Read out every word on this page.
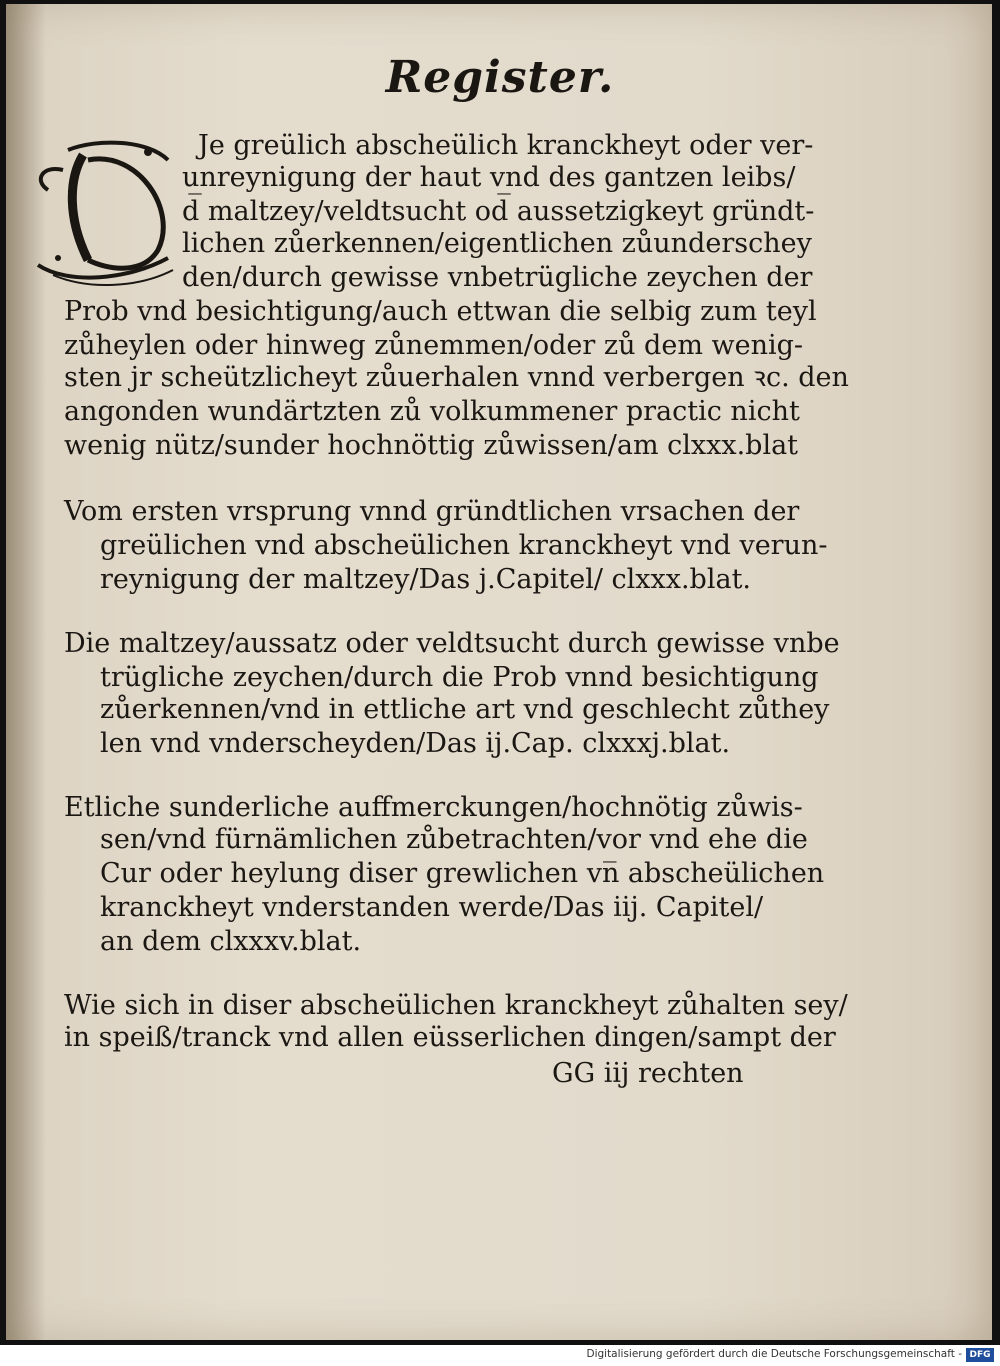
Register.
Je greülich abscheülich kranckheyt oder ver-
unreynigung der haut vnd des gantzen leibs/
d̅ maltzey/veldtsucht od̅ aussetzigkeyt gründt-
lichen zůerkennen/eigentlichen zůunderschey
den/durch gewisse vnbetrügliche zeychen der
Prob vnd besichtigung/auch ettwan die selbig zum teyl
zůheylen oder hinweg zůnemmen/oder zů dem wenig-
sten jr scheützlicheyt zůuerhalen vnnd verbergen ꝛc. den
angonden wundärtzten zů volkummener practic nicht
wenig nütz/sunder hochnöttig zůwissen/am clxxx.blat
Vom ersten vrsprung vnnd gründtlichen vrsachen der
greülichen vnd abscheülichen kranckheyt vnd verun-
reynigung der maltzey/Das j.Capitel/ clxxx.blat.
Die maltzey/aussatz oder veldtsucht durch gewisse vnbe
trügliche zeychen/durch die Prob vnnd besichtigung
zůerkennen/vnd in ettliche art vnd geschlecht zůthey
len vnd vnderscheyden/Das ij.Cap. clxxxj.blat.
Etliche sunderliche auffmerckungen/hochnötig zůwis-
sen/vnd fürnämlichen zůbetrachten/vor vnd ehe die
Cur oder heylung diser grewlichen vn̅ abscheülichen
kranckheyt vnderstanden werde/Das iij. Capitel/
an dem clxxxv.blat.
Wie sich in diser abscheülichen kranckheyt zůhalten sey/
in speiß/tranck vnd allen eüsserlichen dingen/sampt der
GG iij rechten
Digitalisierung gefördert durch die Deutsche Forschungsgemeinschaft - DFG
